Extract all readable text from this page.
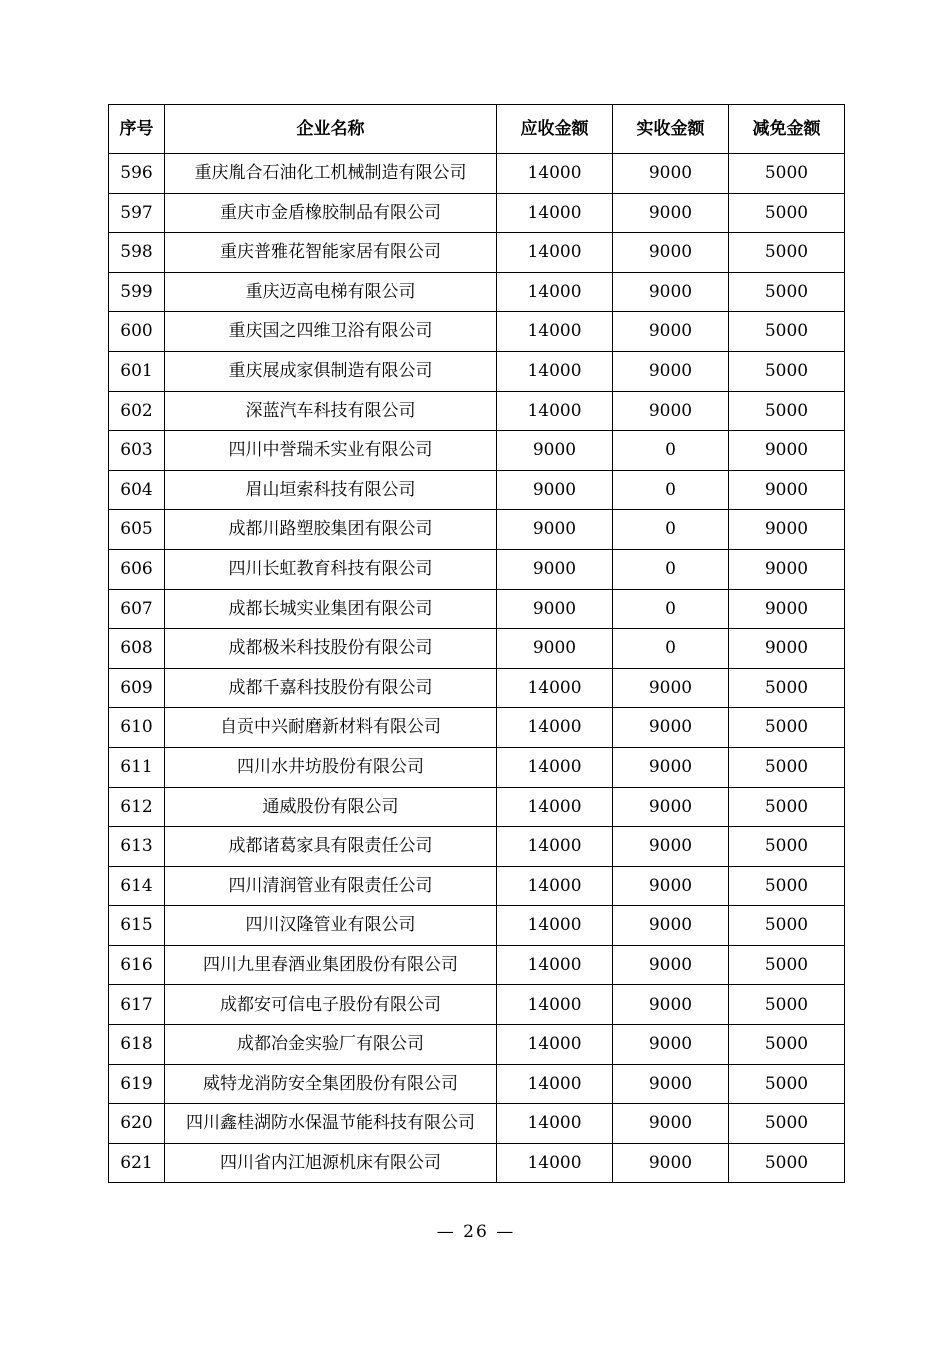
序号	企业名称	应收金额	实收金额	减免金额
596	重庆胤合石油化工机械制造有限公司	14000	9000	5000
597	重庆市金盾橡胶制品有限公司	14000	9000	5000
598	重庆普雅花智能家居有限公司	14000	9000	5000
599	重庆迈高电梯有限公司	14000	9000	5000
600	重庆国之四维卫浴有限公司	14000	9000	5000
601	重庆展成家俱制造有限公司	14000	9000	5000
602	深蓝汽车科技有限公司	14000	9000	5000
603	四川中誉瑞禾实业有限公司	9000	0	9000
604	眉山垣索科技有限公司	9000	0	9000
605	成都川路塑胶集团有限公司	9000	0	9000
606	四川长虹教育科技有限公司	9000	0	9000
607	成都长城实业集团有限公司	9000	0	9000
608	成都极米科技股份有限公司	9000	0	9000
609	成都千嘉科技股份有限公司	14000	9000	5000
610	自贡中兴耐磨新材料有限公司	14000	9000	5000
611	四川水井坊股份有限公司	14000	9000	5000
612	通威股份有限公司	14000	9000	5000
613	成都诸葛家具有限责任公司	14000	9000	5000
614	四川清润管业有限责任公司	14000	9000	5000
615	四川汉隆管业有限公司	14000	9000	5000
616	四川九里春酒业集团股份有限公司	14000	9000	5000
617	成都安可信电子股份有限公司	14000	9000	5000
618	成都冶金实验厂有限公司	14000	9000	5000
619	威特龙消防安全集团股份有限公司	14000	9000	5000
620	四川鑫桂湖防水保温节能科技有限公司	14000	9000	5000
621	四川省内江旭源机床有限公司	14000	9000	5000
— 26 —
